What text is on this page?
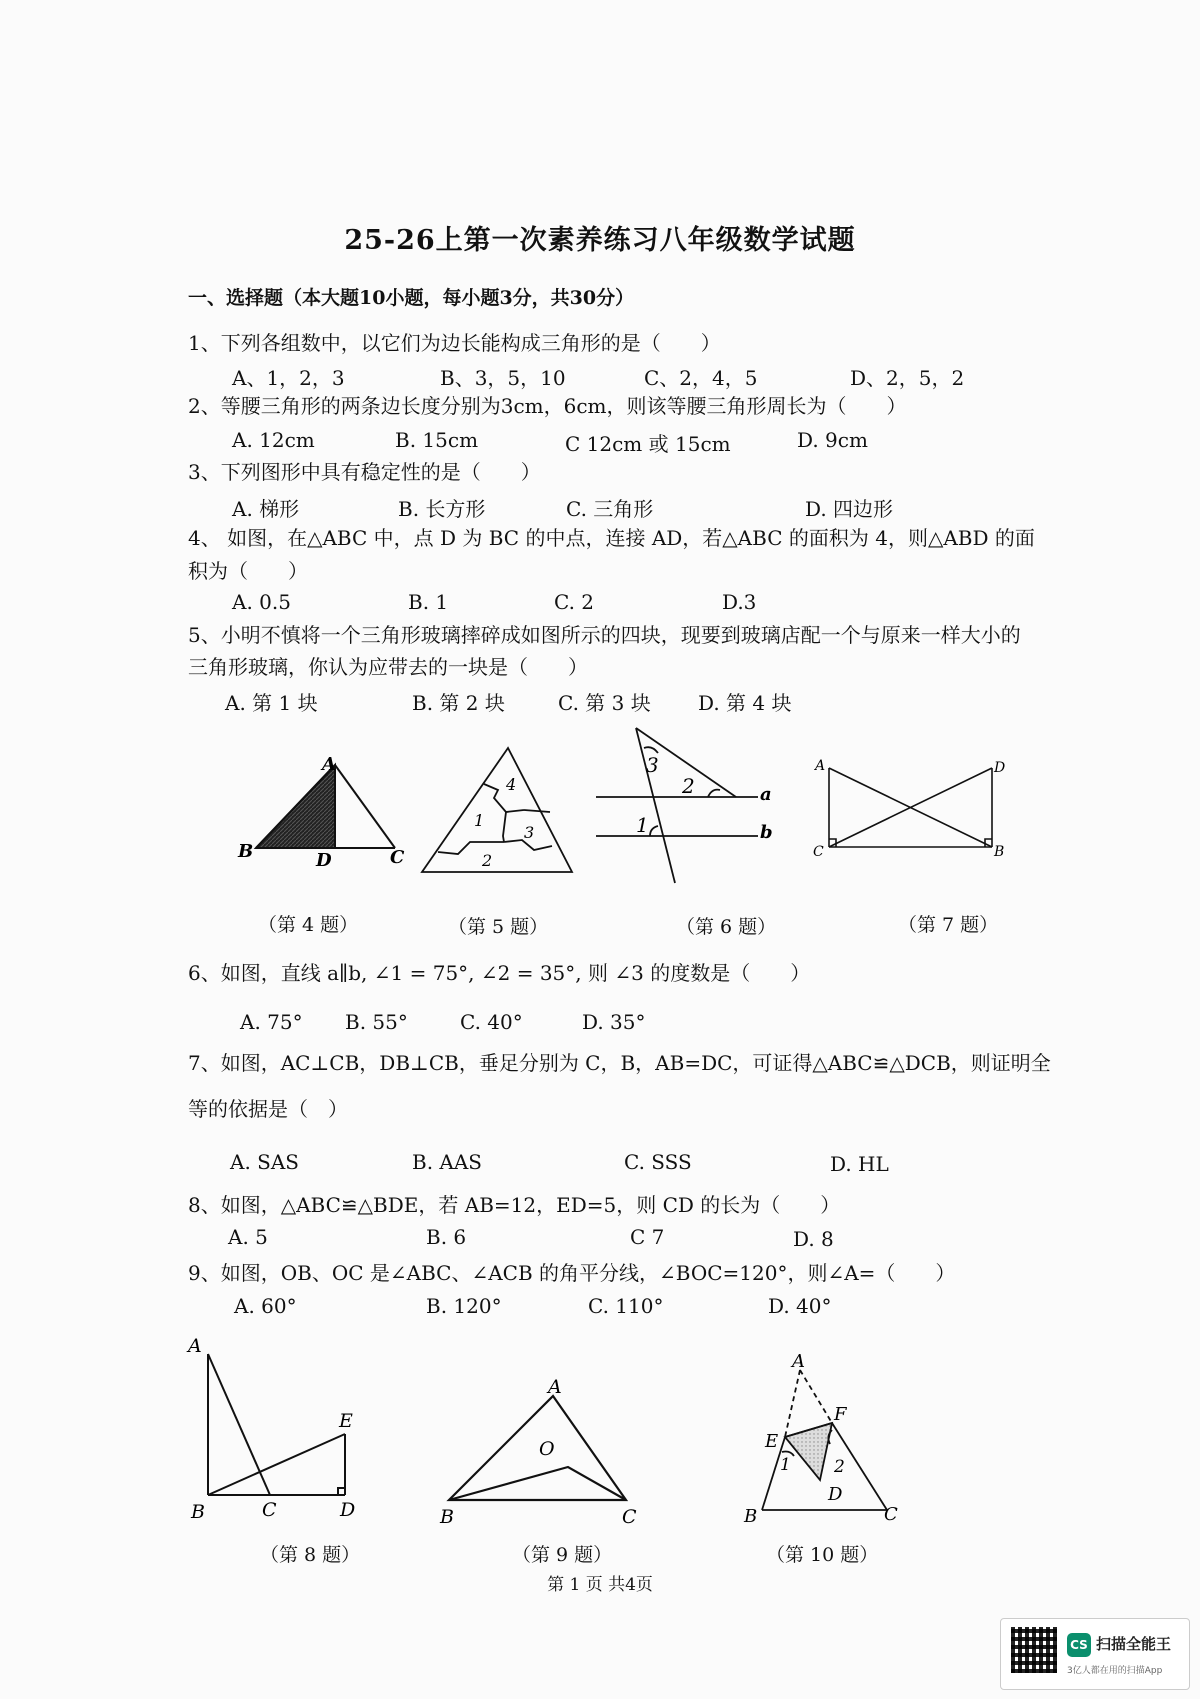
25-26上第一次素养练习八年级数学试题
一、选择题（本大题10小题，每小题3分，共30分）
1、下列各组数中，以它们为边长能构成三角形的是（　　）
A、1，2，3	B、3，5，10	C、2，4，5	D、2，5，2
2、等腰三角形的两条边长度分别为3cm，6cm，则该等腰三角形周长为（　　）
A. 12cm	B. 15cm	C 12cm 或 15cm	D. 9cm
3、下列图形中具有稳定性的是（　　）
A. 梯形	B. 长方形	C. 三角形	D. 四边形
4、 如图，在△ABC 中，点 D 为 BC 的中点，连接 AD，若△ABC 的面积为 4，则△ABD 的面
积为（　　）
A. 0.5	B. 1	C. 2	D.3
5、小明不慎将一个三角形玻璃摔碎成如图所示的四块，现要到玻璃店配一个与原来一样大小的
三角形玻璃，你认为应带去的一块是（　　）
A. 第 1 块	B. 第 2 块	C. 第 3 块 D. 第 4 块
A
B	D	C
4
1
3
2
3
2	a
1	b
A	D
C	B
A
E
B	C	D
A
O
B	C
A
E
F
1	2
B
D
C
（第 4 题）	（第 5 题）	（第 6 题）	（第 7 题）
6、如图，直线 a∥b, ∠1 = 75°, ∠2 = 35°, 则 ∠3 的度数是（　　）
A. 75° B. 55°	C. 40°	D. 35°
7、如图，AC⊥CB，DB⊥CB，垂足分别为 C，B，AB=DC，可证得△ABC≌△DCB，则证明全
等的依据是（　）
A. SAS	B. AAS	C. SSS	D. HL
8、如图，△ABC≌△BDE，若 AB=12，ED=5，则 CD 的长为（　　）
A. 5	B. 6	C 7	D. 8
9、如图，OB、OC 是∠ABC、∠ACB 的角平分线，∠BOC=120°，则∠A=（　　）
A. 60°	B. 120°	C. 110°	D. 40°
（第 8 题）	（第 9 题）	（第 10 题）
第 1 页 共4页
CS 扫描全能王
3亿人都在用的扫描App
